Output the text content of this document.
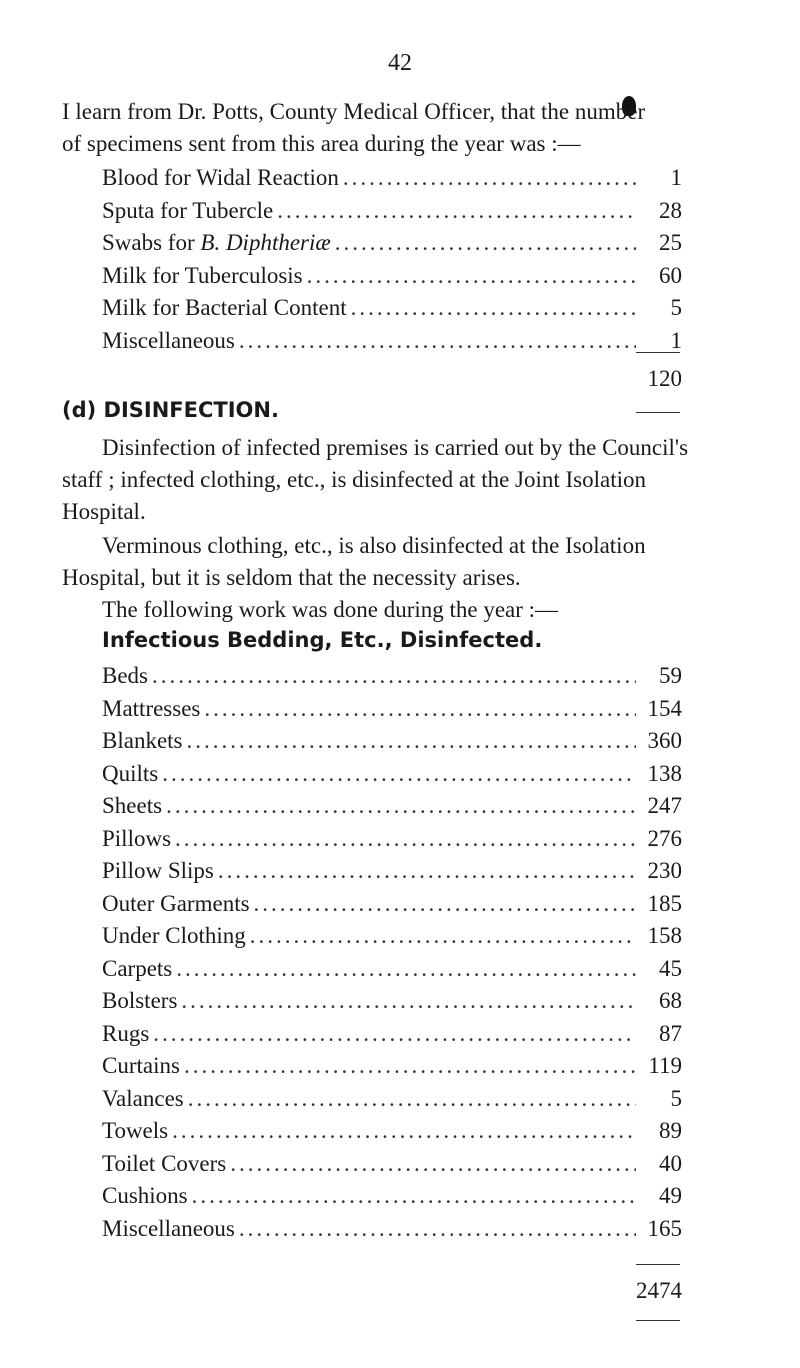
42

I learn from Dr. Potts, County Medical Officer, that the number

of specimens sent from this area during the year was :—

Blood for Widal Reaction .....	1
Sputa for Tubercle .....	28
Swabs for B. Diphtheriæ .....	25
Milk for Tuberculosis .....	60
Milk for Bacterial Content .....	5
Miscellaneous .....	1
120
(d) DISINFECTION.

Disinfection of infected premises is carried out by the Council's

staff ; infected clothing, etc., is disinfected at the Joint Isolation

Hospital.

Verminous clothing, etc., is also disinfected at the Isolation

Hospital, but it is seldom that the necessity arises.

The following work was done during the year :—

Infectious Bedding, Etc., Disinfected.
Beds .....	59
Mattresses .....	154
Blankets .....	360
Quilts .....	138
Sheets .....	247
Pillows .....	276
Pillow Slips .....	230
Outer Garments .....	185
Under Clothing .....	158
Carpets .....	45
Bolsters .....	68
Rugs .....	87
Curtains .....	119
Valances .....	5
Towels .....	89
Toilet Covers .....	40
Cushions .....	49
Miscellaneous .....	165
2474
